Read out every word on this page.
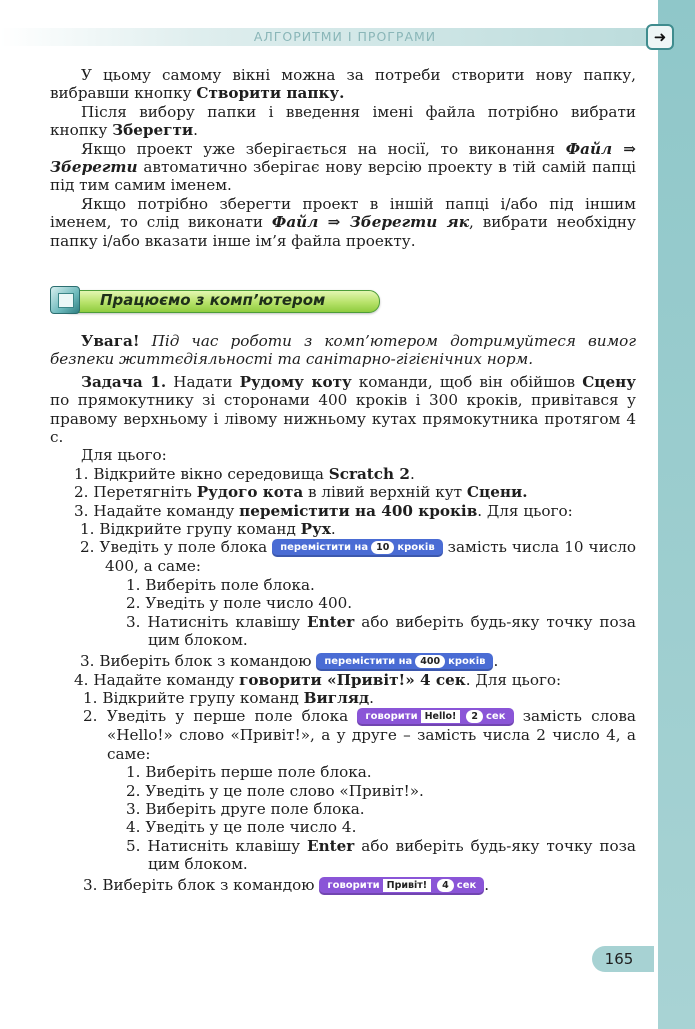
АЛГОРИТМИ І ПРОГРАМИ	➜

У цьому самому вікні можна за потреби створити нову папку, вибравши кнопку Створити папку.

Після вибору папки і введення імені файла потрібно вибрати кнопку Зберегти.

Якщо проект уже зберігається на носії, то виконання Файл ⇒ Зберегти автоматично зберігає нову версію проекту в тій самій папці під тим самим іменем.

Якщо потрібно зберегти проект в іншій папці і/або під іншим іменем, то слід виконати Файл ⇒ Зберегти як, вибрати необхідну папку і/або вказати інше ім’я файла проекту.

Працюємо з комп’ютером

Увага! Під час роботи з комп’ютером дотримуйтеся вимог безпеки життєдіяльності та санітарно-гігієнічних норм.

Задача 1. Надати Рудому коту команди, щоб він обійшов Сцену по прямокутнику зі сторонами 400 кроків і 300 кроків, привітався у правому верхньому і лівому нижньому кутах прямокутника протягом 4 с.

Для цього:

1. Відкрийте вікно середовища Scratch 2.

2. Перетягніть Рудого кота в лівий верхній кут Сцени.

3. Надайте команду перемістити на 400 кроків. Для цього:

1. Відкрийте групу команд Рух.

2. Уведіть у поле блока перемістити на 10 кроків замість числа 10 число 400, а саме:

1. Виберіть поле блока.

2. Уведіть у поле число 400.

3. Натисніть клавішу Enter або виберіть будь-яку точку поза цим блоком.

3. Виберіть блок з командою перемістити на 400 кроків .

4. Надайте команду говорити «Привіт!» 4 сек. Для цього:

1. Відкрийте групу команд Вигляд.

2. Уведіть у перше поле блока говорити Hello! 2 сек замість слова «Hello!» слово «Привіт!», а у друге – замість числа 2 число 4, а саме:

1. Виберіть перше поле блока.

2. Уведіть у це поле слово «Привіт!».

3. Виберіть друге поле блока.

4. Уведіть у це поле число 4.

5. Натисніть клавішу Enter або виберіть будь-яку точку поза цим блоком.

3. Виберіть блок з командою говорити Привіт! 4 сек .

165
